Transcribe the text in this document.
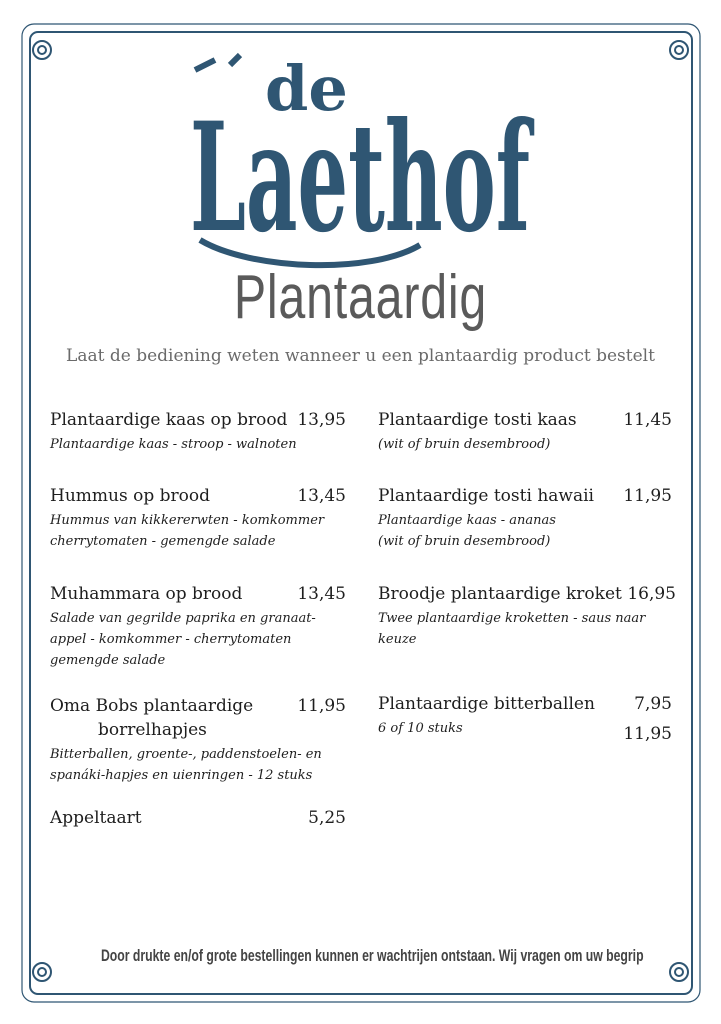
de
Laethof
Plantaardig
Laat de bediening weten wanneer u een plantaardig product bestelt
Plantaardige kaas op brood 13,95
Plantaardige kaas - stroop - walnoten
Hummus op brood	13,45
Hummus van kikkererwten - komkommer
cherrytomaten - gemengde salade
Muhammara op brood	13,45
Salade van gegrilde paprika en granaat-
appel - komkommer - cherrytomaten
gemengde salade
Oma Bobs plantaardige	11,95
borrelhapjes
Bitterballen, groente-, paddenstoelen- en
spanáki-hapjes en uienringen - 12 stuks
Appeltaart	5,25
Plantaardige tosti kaas	11,45
(wit of bruin desembrood)
Plantaardige tosti hawaii 11,95
Plantaardige kaas - ananas
(wit of bruin desembrood)
Broodje plantaardige kroket 16,95
Twee plantaardige kroketten - saus naar
keuze
Plantaardige bitterballen 7,95
6 of 10 stuks	11,95
Door drukte en/of grote bestellingen kunnen er wachtrijen ontstaan. Wij vragen om uw begrip
